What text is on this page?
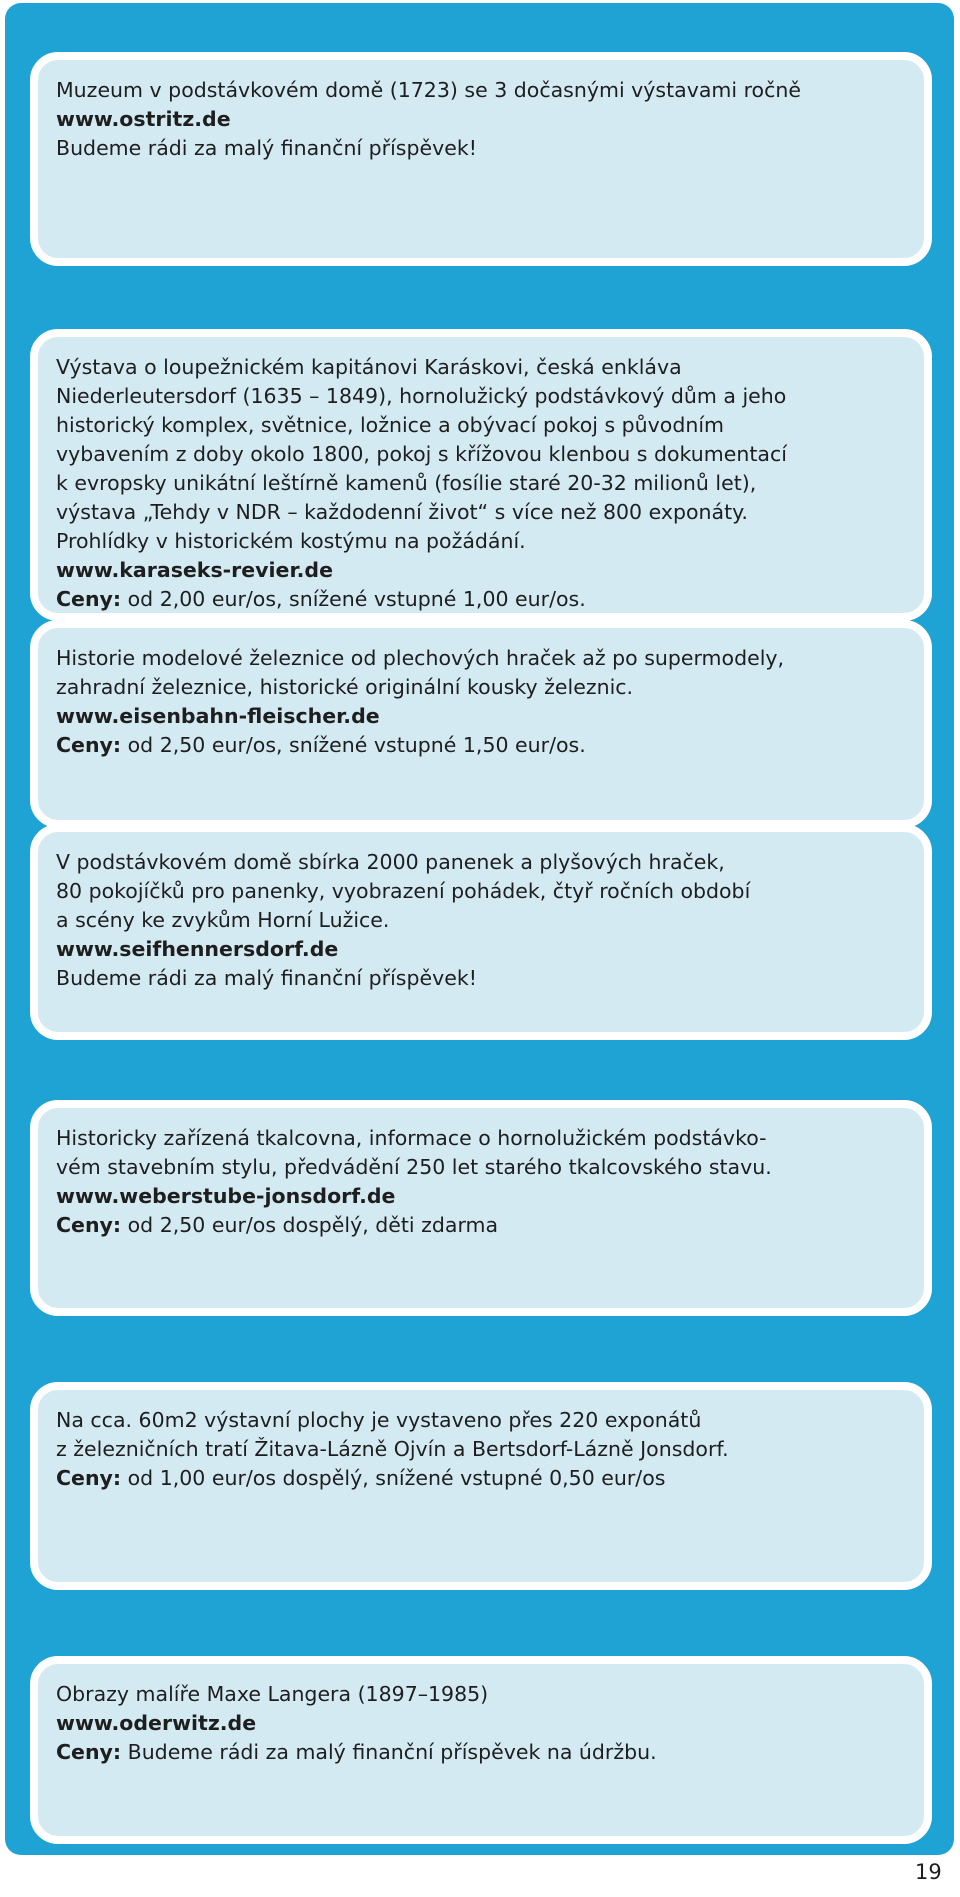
Muzeum v podstávkovém domě (1723) se 3 dočasnými výstavami ročně

www.ostritz.de

Budeme rádi za malý finanční příspěvek!

Výstava o loupežnickém kapitánovi Karáskovi, česká enkláva

Niederleutersdorf (1635 – 1849), hornolužický podstávkový dům a jeho

historický komplex, světnice, ložnice a obývací pokoj s původním

vybavením z doby okolo 1800, pokoj s křížovou klenbou s dokumentací

k evropsky unikátní leštírně kamenů (fosílie staré 20-32 milionů let),

výstava „Tehdy v NDR – každodenní život“ s více než 800 exponáty.

Prohlídky v historickém kostýmu na požádání.

www.karaseks-revier.de

Ceny: od 2,00 eur/os, snížené vstupné 1,00 eur/os.

Historie modelové železnice od plechových hraček až po supermodely,

zahradní železnice, historické originální kousky železnic.

www.eisenbahn-fleischer.de

Ceny: od 2,50 eur/os, snížené vstupné 1,50 eur/os.

V podstávkovém domě sbírka 2000 panenek a plyšových hraček,

80 pokojíčků pro panenky, vyobrazení pohádek, čtyř ročních období

a scény ke zvykům Horní Lužice.

www.seifhennersdorf.de

Budeme rádi za malý finanční příspěvek!

Historicky zařízená tkalcovna, informace o hornolužickém podstávko-

vém stavebním stylu, předvádění 250 let starého tkalcovského stavu.

www.weberstube-jonsdorf.de

Ceny: od 2,50 eur/os dospělý, děti zdarma

Na cca. 60m2 výstavní plochy je vystaveno přes 220 exponátů

z železničních tratí Žitava-Lázně Ojvín a Bertsdorf-Lázně Jonsdorf.

Ceny: od 1,00 eur/os dospělý, snížené vstupné 0,50 eur/os

Obrazy malíře Maxe Langera (1897–1985)

www.oderwitz.de

Ceny: Budeme rádi za malý finanční příspěvek na údržbu.

19
